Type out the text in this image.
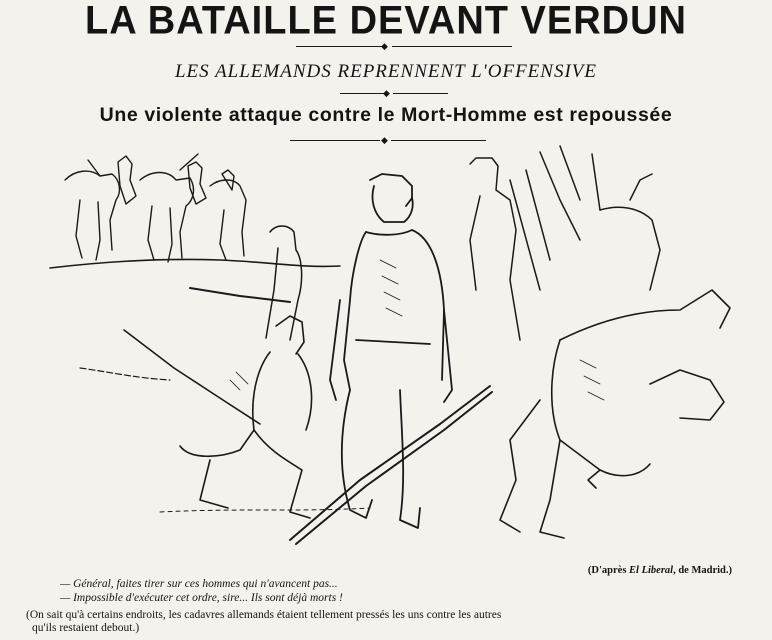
LA BATAILLE DEVANT VERDUN
◆
LES ALLEMANDS REPRENNENT L'OFFENSIVE
◆
Une violente attaque contre le Mort-Homme est repoussée
◆
(D'après El Liberal, de Madrid.)
— Général, faites tirer sur ces hommes qui n'avancent pas...
— Impossible d'exécuter cet ordre, sire... Ils sont déjà morts !
(On sait qu'à certains endroits, les cadavres allemands étaient tellement pressés les uns contre les autres
qu'ils restaient debout.)
